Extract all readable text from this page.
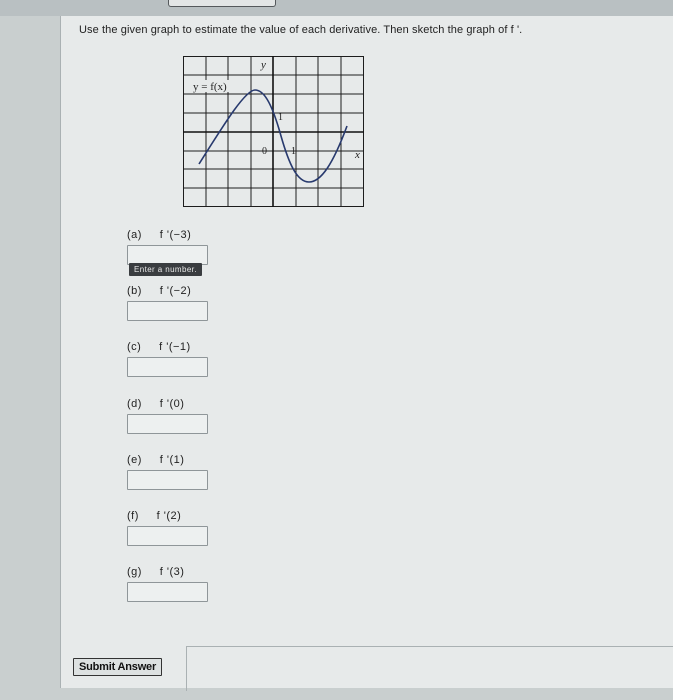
Use the given graph to estimate the value of each derivative. Then sketch the graph of f '.
y = f(x)
y
x
0 1
1
(a) f '(−3)
Enter a number.
(b) f '(−2)
(c) f '(−1)
(d) f '(0)
(e) f '(1)
(f) f '(2)
(g) f '(3)
Submit Answer
